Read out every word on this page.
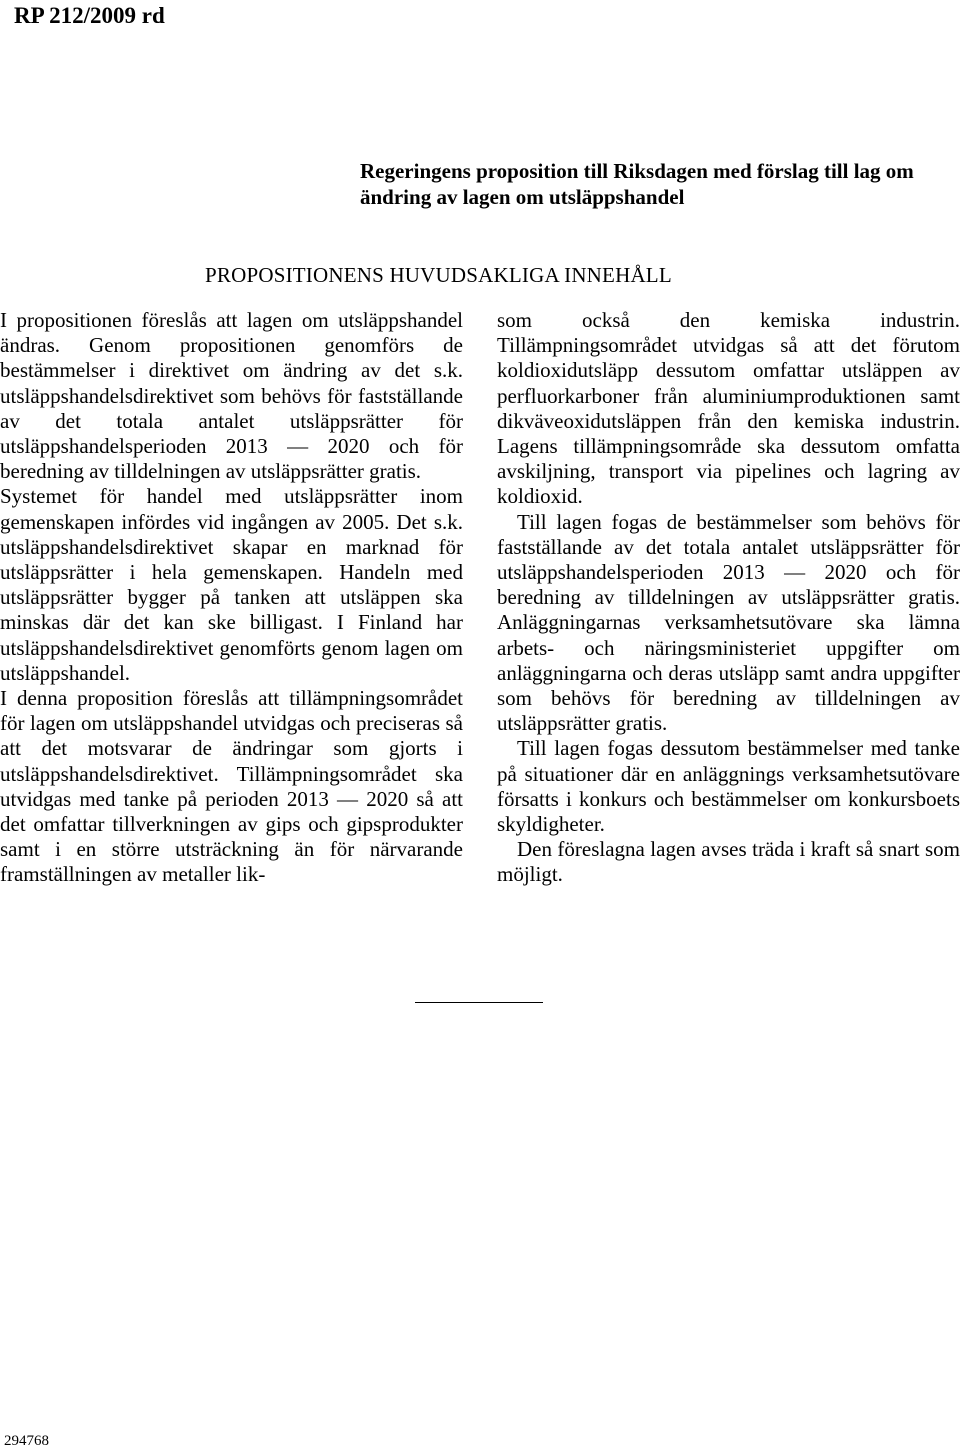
RP 212/2009 rd
Regeringens proposition till Riksdagen med förslag till lag om ändring av lagen om utsläppshandel
PROPOSITIONENS HUVUDSAKLIGA INNEHÅLL

I propositionen föreslås att lagen om utsläppshandel ändras. Genom propositionen genomförs de bestämmelser i direktivet om ändring av det s.k. utsläppshandelsdirektivet som behövs för fastställande av det totala antalet utsläppsrätter för utsläppshandelsperioden 2013 — 2020 och för beredning av tilldelningen av utsläppsrätter gratis.

Systemet för handel med utsläppsrätter inom gemenskapen infördes vid ingången av 2005. Det s.k. utsläppshandelsdirektivet skapar en marknad för utsläppsrätter i hela gemenskapen. Handeln med utsläppsrätter bygger på tanken att utsläppen ska minskas där det kan ske billigast. I Finland har utsläppshandelsdirektivet genomförts genom lagen om utsläppshandel.

I denna proposition föreslås att tillämpningsområdet för lagen om utsläppshandel utvidgas och preciseras så att det motsvarar de ändringar som gjorts i utsläppshandelsdirektivet. Tillämpningsområdet ska utvidgas med tanke på perioden 2013 — 2020 så att det omfattar tillverkningen av gips och gipsprodukter samt i en större utsträckning än för närvarande framställningen av metaller lik-

som också den kemiska industrin. Tillämpningsområdet utvidgas så att det förutom koldioxidutsläpp dessutom omfattar utsläppen av perfluorkarboner från aluminiumproduktionen samt dikväveoxidutsläppen från den kemiska industrin. Lagens tillämpningsområde ska dessutom omfatta avskiljning, transport via pipelines och lagring av koldioxid.

Till lagen fogas de bestämmelser som behövs för fastställande av det totala antalet utsläppsrätter för utsläppshandelsperioden 2013 — 2020 och för beredning av tilldelningen av utsläppsrätter gratis. Anläggningarnas verksamhetsutövare ska lämna arbets- och näringsministeriet uppgifter om anläggningarna och deras utsläpp samt andra uppgifter som behövs för beredning av tilldelningen av utsläppsrätter gratis.

Till lagen fogas dessutom bestämmelser med tanke på situationer där en anläggnings verksamhetsutövare försatts i konkurs och bestämmelser om konkursboets skyldigheter.

Den föreslagna lagen avses träda i kraft så snart som möjligt.

294768
